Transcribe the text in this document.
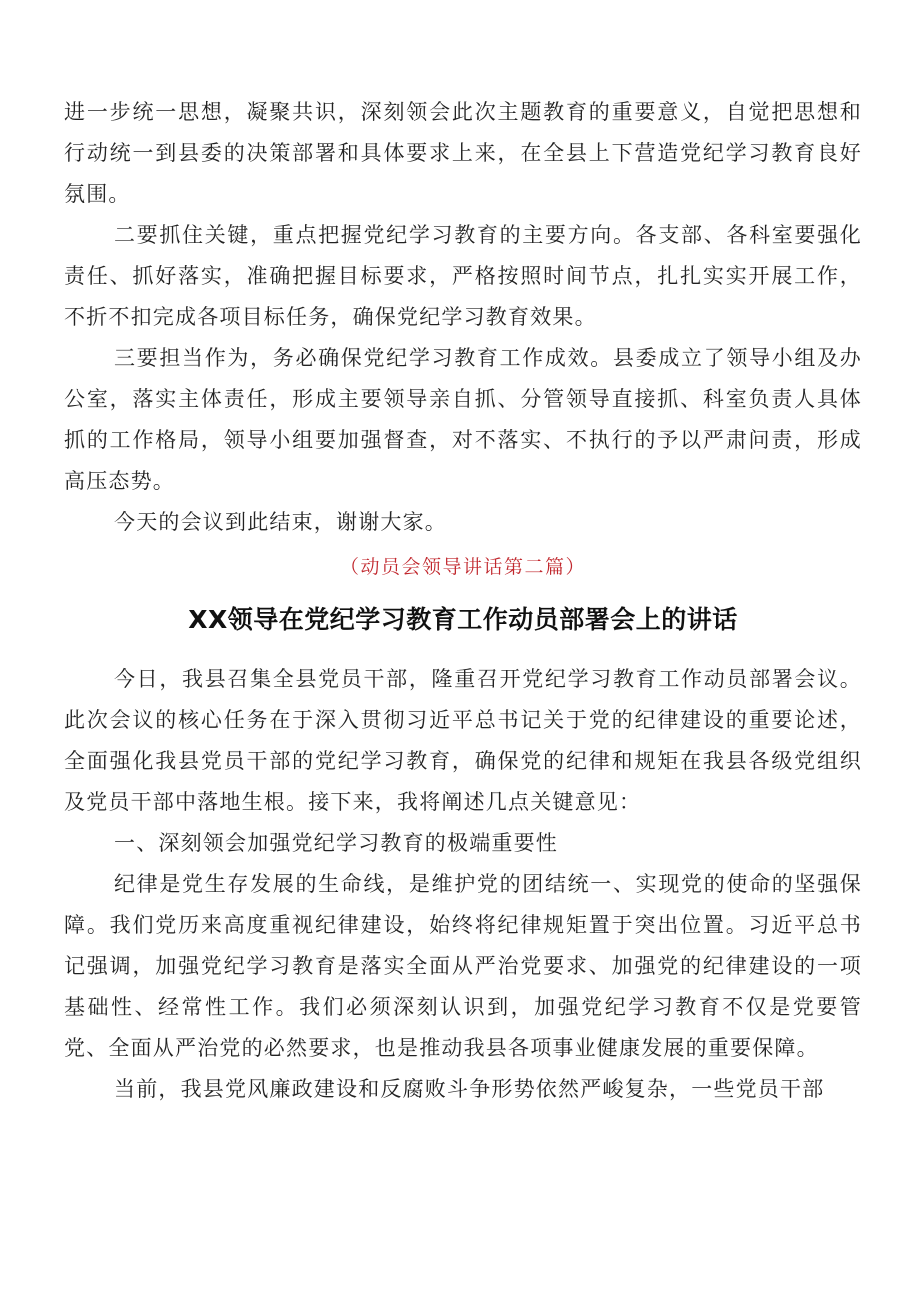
进一步统一思想，凝聚共识，深刻领会此次主题教育的重要意义，自觉把思想和行动统一到县委的决策部署和具体要求上来，在全县上下营造党纪学习教育良好氛围。

二要抓住关键，重点把握党纪学习教育的主要方向。各支部、各科室要强化责任、抓好落实，准确把握目标要求，严格按照时间节点，扎扎实实开展工作，不折不扣完成各项目标任务，确保党纪学习教育效果。

三要担当作为，务必确保党纪学习教育工作成效。县委成立了领导小组及办公室，落实主体责任，形成主要领导亲自抓、分管领导直接抓、科室负责人具体抓的工作格局，领导小组要加强督查，对不落实、不执行的予以严肃问责，形成高压态势。

今天的会议到此结束，谢谢大家。

（动员会领导讲话第二篇）

XX领导在党纪学习教育工作动员部署会上的讲话

今日，我县召集全县党员干部，隆重召开党纪学习教育工作动员部署会议。此次会议的核心任务在于深入贯彻习近平总书记关于党的纪律建设的重要论述，全面强化我县党员干部的党纪学习教育，确保党的纪律和规矩在我县各级党组织及党员干部中落地生根。接下来，我将阐述几点关键意见：

一、深刻领会加强党纪学习教育的极端重要性

纪律是党生存发展的生命线，是维护党的团结统一、实现党的使命的坚强保障。我们党历来高度重视纪律建设，始终将纪律规矩置于突出位置。习近平总书记强调，加强党纪学习教育是落实全面从严治党要求、加强党的纪律建设的一项基础性、经常性工作。我们必须深刻认识到，加强党纪学习教育不仅是党要管党、全面从严治党的必然要求，也是推动我县各项事业健康发展的重要保障。

当前，我县党风廉政建设和反腐败斗争形势依然严峻复杂，一些党员干部
